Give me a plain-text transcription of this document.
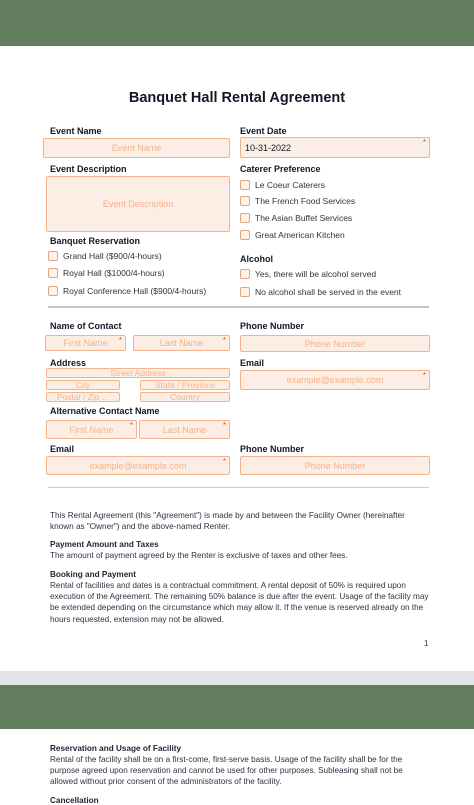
Banquet Hall Rental Agreement
Event Name
Event Name
Event Date
10-31-2022	*
Event Description
Event Description
Caterer Preference
Le Coeur Caterers
The French Food Services
The Asian Buffet Services
Great American Kitchen
Banquet Reservation
Grand Hall ($900/4-hours)
Royal Hall ($1000/4-hours)
Royal Conference Hall ($900/4-hours)
Alcohol
Yes, there will be alcohol served
No alcohol shall be served in the event
Name of Contact
First Name *	Last Name *
Phone Number
Phone Number
Address
Street Address
City	State / Province
Postal / Zip ...	Country
Email
example@example.com	*
Alternative Contact Name
First Name *	Last Name *
Email
example@example.com	*
Phone Number
Phone Number
This Rental Agreement (this "Agreement") is made by and between the Facility Owner (hereinafter known as "Owner") and the above-named Renter.
Payment Amount and Taxes
The amount of payment agreed by the Renter is exclusive of taxes and other fees.
Booking and Payment
Rental of facilities and dates is a contractual commitment. A rental deposit of 50% is required upon execution of the Agreement. The remaining 50% balance is due after the event. Usage of the facility may be extended depending on the circumstance which may allow it. If the venue is reserved already on the hours requested, extension may not be allowed.
1
Reservation and Usage of Facility
Rental of the facility shall be on a first-come, first-serve basis. Usage of the facility shall be for the purpose agreed upon reservation and cannot be used for other purposes. Subleasing shall not be allowed without prior consent of the administrators of the facility.
Cancellation
